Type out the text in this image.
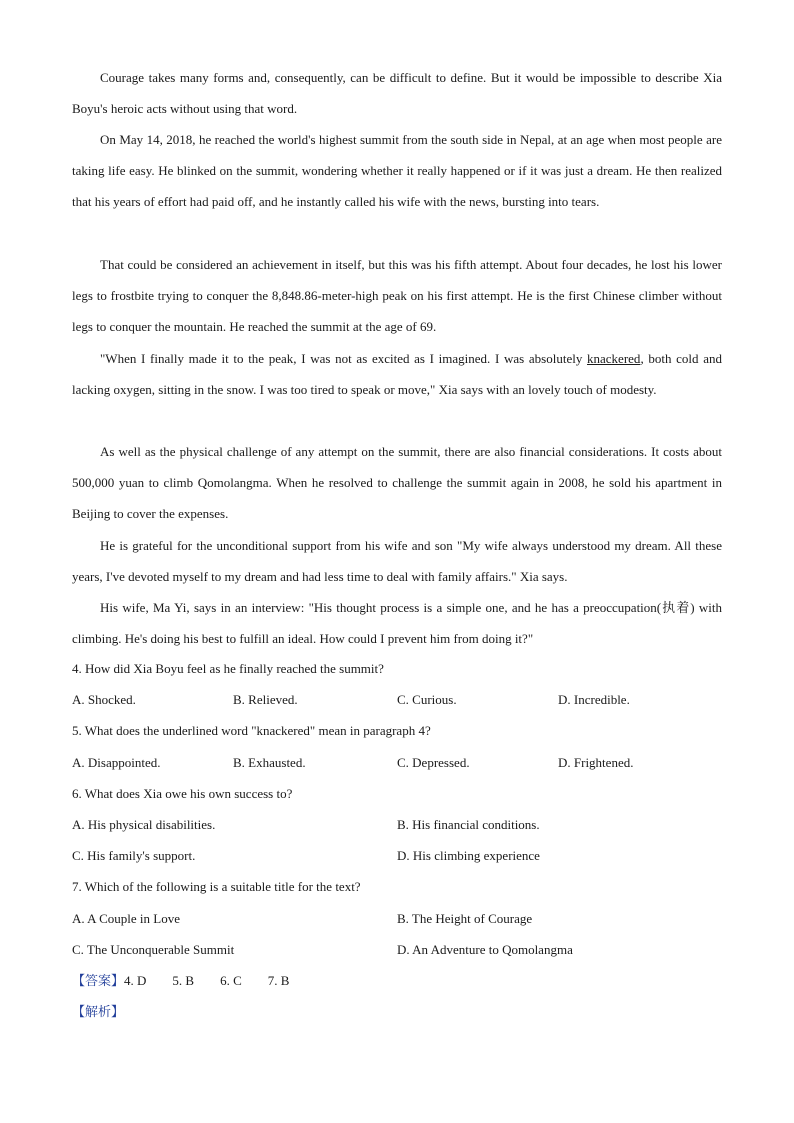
Courage takes many forms and, consequently, can be difficult to define. But it would be impossible to describe Xia Boyu's heroic acts without using that word.

On May 14, 2018, he reached the world's highest summit from the south side in Nepal, at an age when most people are taking life easy. He blinked on the summit, wondering whether it really happened or if it was just a dream. He then realized that his years of effort had paid off, and he instantly called his wife with the news, bursting into tears.

That could be considered an achievement in itself, but this was his fifth attempt. About four decades, he lost his lower legs to frostbite trying to conquer the 8,848.86-meter-high peak on his first attempt. He is the first Chinese climber without legs to conquer the mountain. He reached the summit at the age of 69.

"When I finally made it to the peak, I was not as excited as I imagined. I was absolutely knackered, both cold and lacking oxygen, sitting in the snow. I was too tired to speak or move," Xia says with an lovely touch of modesty.

As well as the physical challenge of any attempt on the summit, there are also financial considerations. It costs about 500,000 yuan to climb Qomolangma. When he resolved to challenge the summit again in 2008, he sold his apartment in Beijing to cover the expenses.

He is grateful for the unconditional support from his wife and son "My wife always understood my dream. All these years, I've devoted myself to my dream and had less time to deal with family affairs." Xia says.

His wife, Ma Yi, says in an interview: "His thought process is a simple one, and he has a preoccupation(执着) with climbing. He's doing his best to fulfill an ideal. How could I prevent him from doing it?"

4. How did Xia Boyu feel as he finally reached the summit?
A. Shocked.	B. Relieved.	C. Curious.	D. Incredible.
5. What does the underlined word "knackered" mean in paragraph 4?
A. Disappointed.	B. Exhausted.	C. Depressed.	D. Frightened.
6. What does Xia owe his own success to?
A. His physical disabilities.	B. His financial conditions.
C. His family's support.	D. His climbing experience
7. Which of the following is a suitable title for the text?
A. A Couple in Love	B. The Height of Courage
C. The Unconquerable Summit	D. An Adventure to Qomolangma
【答案】4. D 5. B 6. C 7. B
【解析】
